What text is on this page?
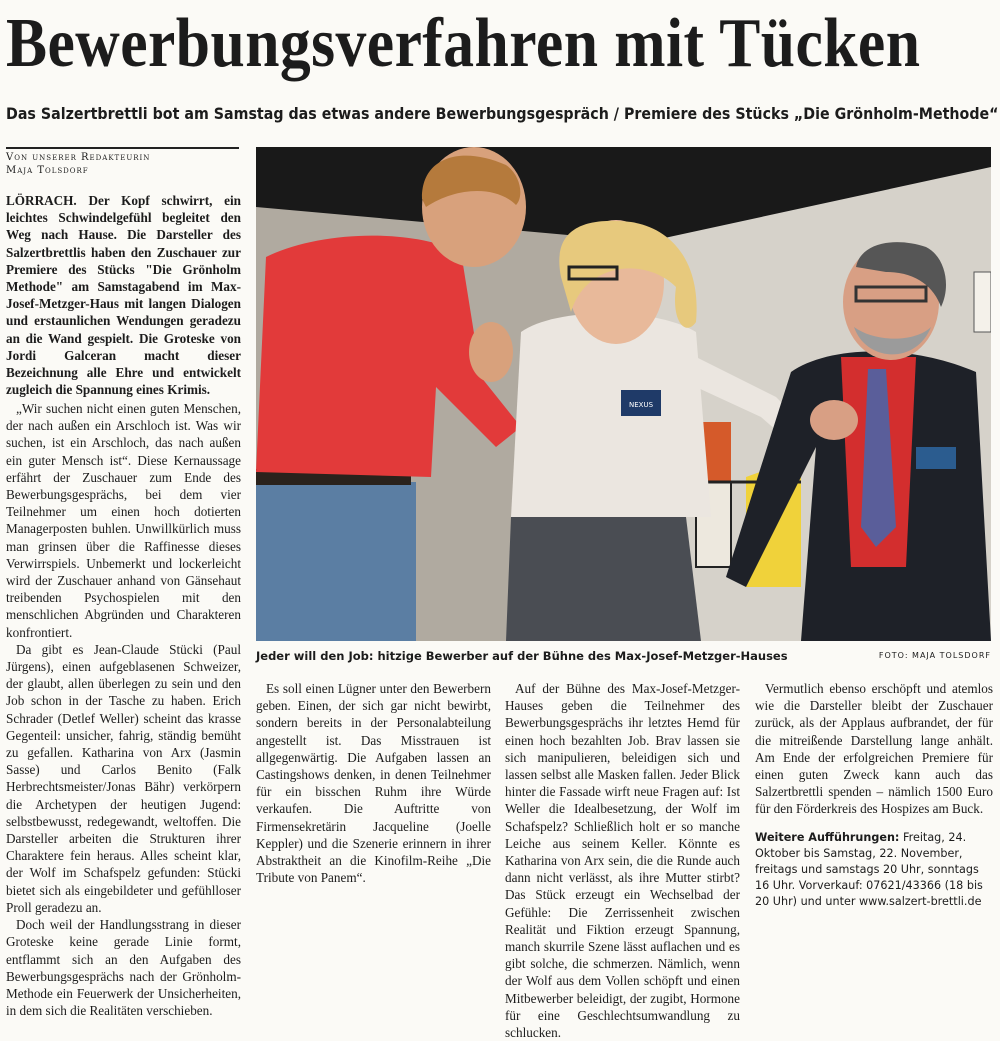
Bewerbungsverfahren mit Tücken
Das Salzertbrettli bot am Samstag das etwas andere Bewerbungsgespräch / Premiere des Stücks „Die Grönholm-Methode“
Von unserer Redakteurin
Maja Tolsdorf

LÖRRACH. Der Kopf schwirrt, ein leichtes Schwindelgefühl begleitet den Weg nach Hause. Die Darsteller des Salzertbrettlis haben den Zuschauer zur Premiere des Stücks "Die Grönholm Methode" am Samstagabend im Max-Josef-Metzger-Haus mit langen Dialogen und erstaunlichen Wendungen geradezu an die Wand gespielt. Die Groteske von Jordi Galceran macht dieser Bezeichnung alle Ehre und entwickelt zugleich die Spannung eines Krimis.

„Wir suchen nicht einen guten Menschen, der nach außen ein Arschloch ist. Was wir suchen, ist ein Arschloch, das nach außen ein guter Mensch ist“. Diese Kernaussage erfährt der Zuschauer zum Ende des Bewerbungsgesprächs, bei dem vier Teilnehmer um einen hoch dotierten Managerposten buhlen. Unwillkürlich muss man grinsen über die Raffinesse dieses Verwirrspiels. Unbemerkt und lockerleicht wird der Zuschauer anhand von Gänsehaut treibenden Psychospielen mit den menschlichen Abgründen und Charakteren konfrontiert.

Da gibt es Jean-Claude Stücki (Paul Jürgens), einen aufgeblasenen Schweizer, der glaubt, allen überlegen zu sein und den Job schon in der Tasche zu haben. Erich Schrader (Detlef Weller) scheint das krasse Gegenteil: unsicher, fahrig, ständig bemüht zu gefallen. Katharina von Arx (Jasmin Sasse) und Carlos Benito (Falk Herbrechtsmeister/Jonas Bähr) verkörpern die Archetypen der heutigen Jugend: selbstbewusst, redegewandt, weltoffen. Die Darsteller arbeiten die Strukturen ihrer Charaktere fein heraus. Alles scheint klar, der Wolf im Schafspelz gefunden: Stücki bietet sich als eingebildeter und gefühlloser Proll geradezu an.

Doch weil der Handlungsstrang in dieser Groteske keine gerade Linie formt, entflammt sich an den Aufgaben des Bewerbungsgesprächs nach der Grönholm-Methode ein Feuerwerk der Unsicherheiten, in dem sich die Realitäten verschieben.

Es soll einen Lügner unter den Bewerbern geben. Einen, der sich gar nicht bewirbt, sondern bereits in der Personalabteilung angestellt ist. Das Misstrauen ist allgegenwärtig. Die Aufgaben lassen an Castingshows denken, in denen Teilnehmer für ein bisschen Ruhm ihre Würde verkaufen. Die Auftritte von Firmensekretärin Jacqueline (Joelle Keppler) und die Szenerie erinnern in ihrer Abstraktheit an die Kinofilm-Reihe „Die Tribute von Panem“.

Auf der Bühne des Max-Josef-Metzger-Hauses geben die Teilnehmer des Bewerbungsgesprächs ihr letztes Hemd für einen hoch bezahlten Job. Brav lassen sie sich manipulieren, beleidigen sich und lassen selbst alle Masken fallen. Jeder Blick hinter die Fassade wirft neue Fragen auf: Ist Weller die Idealbesetzung, der Wolf im Schafspelz? Schließlich holt er so manche Leiche aus seinem Keller. Könnte es Katharina von Arx sein, die die Runde auch dann nicht verlässt, als ihre Mutter stirbt? Das Stück erzeugt ein Wechselbad der Gefühle: Die Zerrissenheit zwischen Realität und Fiktion erzeugt Spannung, manch skurrile Szene lässt auflachen und es gibt solche, die schmerzen. Nämlich, wenn der Wolf aus dem Vollen schöpft und einen Mitbewerber beleidigt, der zugibt, Hormone für eine Geschlechtsumwandlung zu schlucken.

Vermutlich ebenso erschöpft und atemlos wie die Darsteller bleibt der Zuschauer zurück, als der Applaus aufbrandet, der für die mitreißende Darstellung lange anhält. Am Ende der erfolgreichen Premiere für einen guten Zweck kann auch das Salzertbrettli spenden – nämlich 1500 Euro für den Förderkreis des Hospizes am Buck.

Weitere Aufführungen: Freitag, 24. Oktober bis Samstag, 22. November, freitags und samstags 20 Uhr, sonntags 16 Uhr. Vorverkauf: 07621/43366 (18 bis 20 Uhr) und unter www.salzert-brettli.de
NEXUS
Jeder will den Job: hitzige Bewerber auf der Bühne des Max-Josef-Metzger-Hauses	FOTO: MAJA TOLSDORF
